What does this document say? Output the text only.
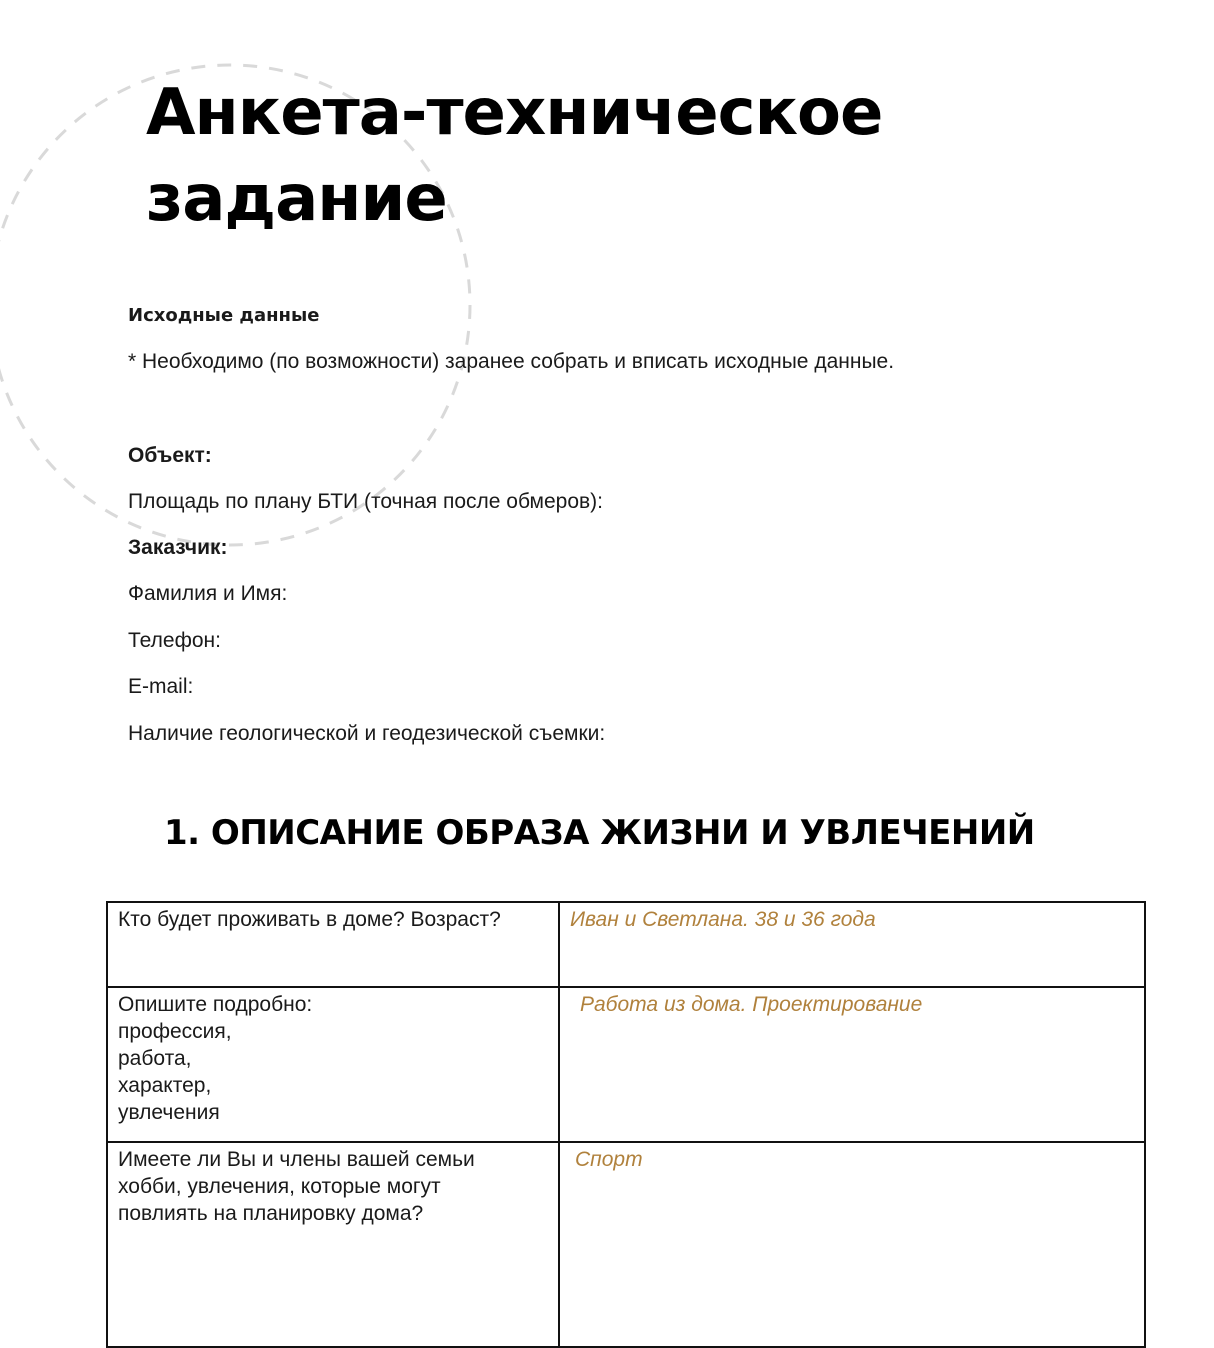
Анкета-техническое
задание
Исходные данные
* Необходимо (по возможности) заранее собрать и вписать исходные данные.
Объект:
Площадь по плану БТИ (точная после обмеров):
Заказчик:
Фамилия и Имя:
Телефон:
E-mail:
Наличие геологической и геодезической съемки:
1. ОПИСАНИЕ ОБРАЗА ЖИЗНИ И УВЛЕЧЕНИЙ
Кто будет проживать в доме? Возраст?	Иван и Светлана. 38 и 36 года

Опишите подробно:
профессия,
работа,
характер,
увлечения	Работа из дома. Проектирование

Имеете ли Вы и члены вашей семьи
хобби, увлечения, которые могут
повлиять на планировку дома?	Спорт
